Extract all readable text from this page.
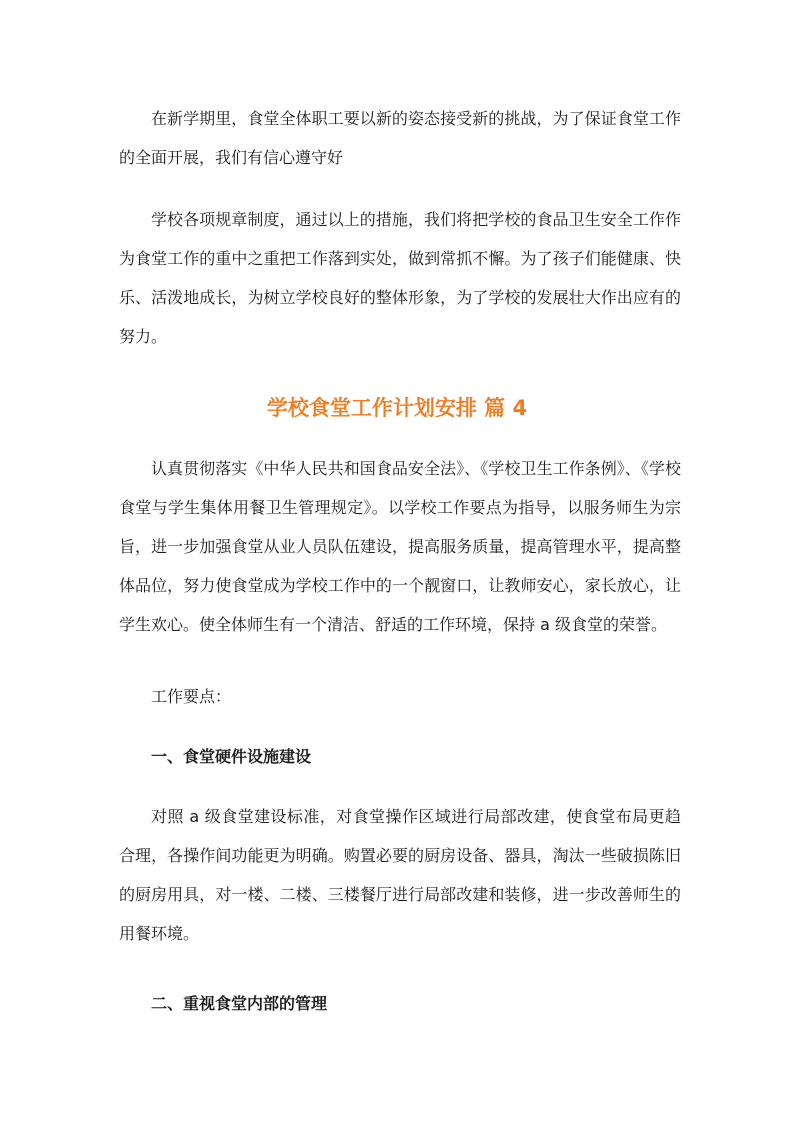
在新学期里，食堂全体职工要以新的姿态接受新的挑战，为了保证食堂工作的全面开展，我们有信心遵守好

学校各项规章制度，通过以上的措施，我们将把学校的食品卫生安全工作作为食堂工作的重中之重把工作落到实处，做到常抓不懈。为了孩子们能健康、快乐、活泼地成长，为树立学校良好的整体形象，为了学校的发展壮大作出应有的努力。

学校食堂工作计划安排 篇 4

认真贯彻落实《中华人民共和国食品安全法》、《学校卫生工作条例》、《学校食堂与学生集体用餐卫生管理规定》。以学校工作要点为指导，以服务师生为宗旨，进一步加强食堂从业人员队伍建设，提高服务质量，提高管理水平，提高整体品位，努力使食堂成为学校工作中的一个靓窗口，让教师安心，家长放心，让学生欢心。使全体师生有一个清洁、舒适的工作环境，保持 a 级食堂的荣誉。

工作要点：

一、食堂硬件设施建设

对照 a 级食堂建设标准，对食堂操作区域进行局部改建，使食堂布局更趋合理，各操作间功能更为明确。购置必要的厨房设备、器具，淘汰一些破损陈旧的厨房用具，对一楼、二楼、三楼餐厅进行局部改建和装修，进一步改善师生的用餐环境。

二、重视食堂内部的管理
